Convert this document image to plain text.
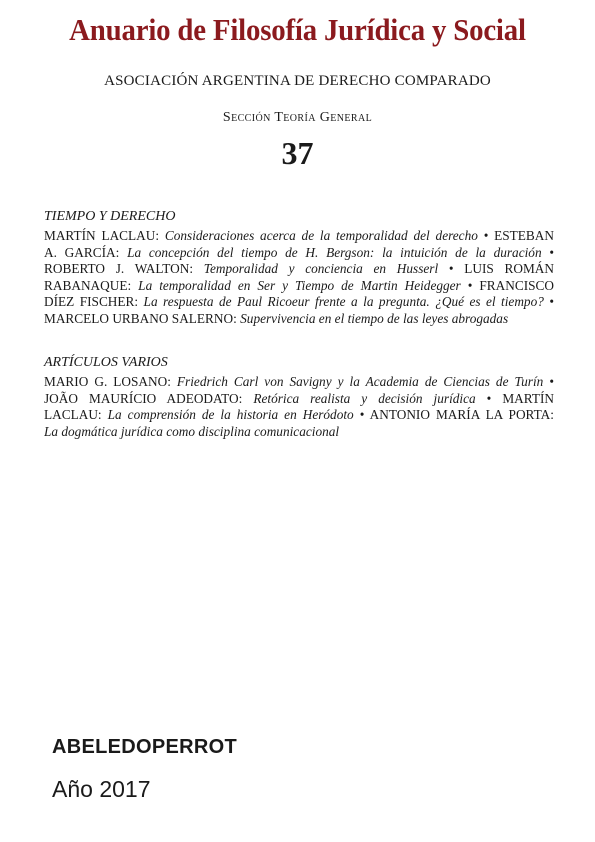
Anuario de Filosofía Jurídica y Social
ASOCIACIÓN ARGENTINA DE DERECHO COMPARADO
Sección Teoría General
37
TIEMPO Y DERECHO
MARTÍN LACLAU: Consideraciones acerca de la temporalidad del derecho • ESTEBAN
A. GARCÍA: La concepción del tiempo de H. Bergson: la intuición de la duración •
ROBERTO J. WALTON: Temporalidad y conciencia en Husserl • LUIS ROMÁN
RABANAQUE: La temporalidad en Ser y Tiempo de Martin Heidegger • FRANCISCO
DÍEZ FISCHER: La respuesta de Paul Ricoeur frente a la pregunta. ¿Qué es el tiempo? •
MARCELO URBANO SALERNO: Supervivencia en el tiempo de las leyes abrogadas
ARTÍCULOS VARIOS
MARIO G. LOSANO: Friedrich Carl von Savigny y la Academia de Ciencias de Turín •
JOÃO MAURÍCIO ADEODATO: Retórica realista y decisión jurídica • MARTÍN
LACLAU: La comprensión de la historia en Heródoto • ANTONIO MARÍA LA PORTA:
La dogmática jurídica como disciplina comunicacional
ABELEDOPERROT
Año 2017
